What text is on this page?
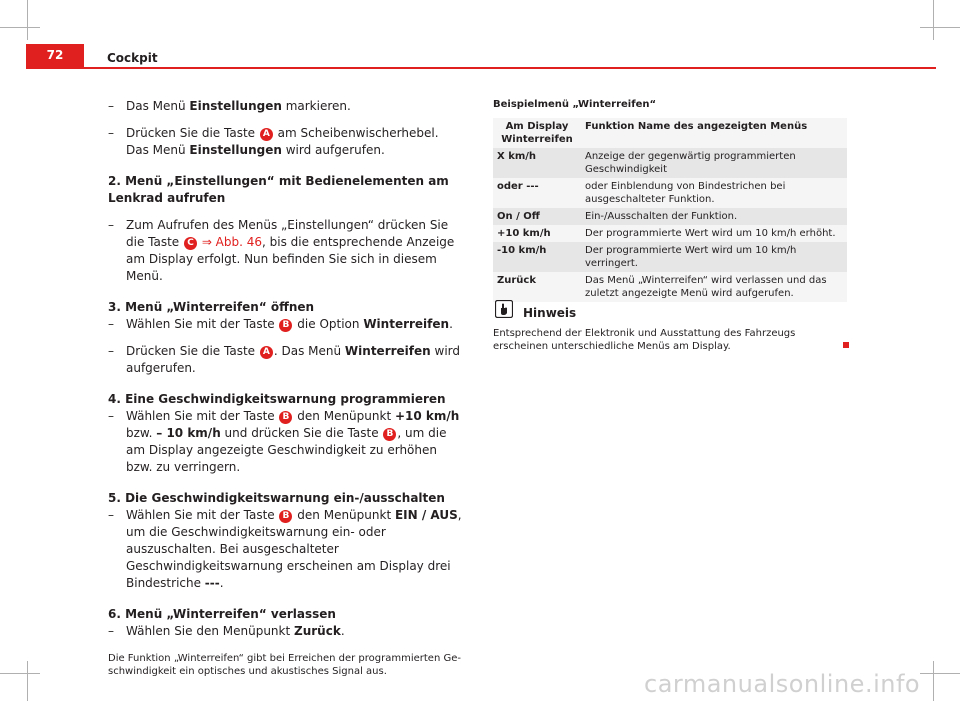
72	Cockpit
– Das Menü Einstellungen markieren.
– Drücken Sie die Taste A am Scheibenwischerhebel. Das Menü Einstellungen wird aufgerufen.
2. Menü „Einstellungen“ mit Bedienelementen am Lenkrad aufrufen
– Zum Aufrufen des Menüs „Einstellungen“ drücken Sie die Taste C ⇒ Abb. 46, bis die entsprechende Anzeige am Display erfolgt. Nun befinden Sie sich in diesem Menü.
3. Menü „Winterreifen“ öffnen
– Wählen Sie mit der Taste B die Option Winterreifen.
– Drücken Sie die Taste A . Das Menü Winterreifen wird aufgerufen.
4. Eine Geschwindigkeitswarnung programmieren
– Wählen Sie mit der Taste B den Menüpunkt +10 km/h bzw. – 10 km/h und drücken Sie die Taste B , um die am Display angezeigte Geschwindigkeit zu erhöhen bzw. zu verringern.
5. Die Geschwindigkeitswarnung ein-/ausschalten
– Wählen Sie mit der Taste B den Menüpunkt EIN / AUS, um die Geschwindigkeitswarnung ein- oder auszuschalten. Bei ausgeschalteter Geschwindigkeitswarnung erscheinen am Display drei Bindestriche ---.
6. Menü „Winterreifen“ verlassen
– Wählen Sie den Menüpunkt Zurück.
Die Funktion „Winterreifen“ gibt bei Erreichen der programmierten Geschwindigkeit ein optisches und akustisches Signal aus.
Beispielmenü „Winterreifen“
Am Display Winterreifen	Funktion Name des angezeigten Menüs
X km/h	Anzeige der gegenwärtig programmierten Geschwindigkeit
oder ---	oder Einblendung von Bindestrichen bei ausgeschalteter Funktion.
On / Off	Ein-/Ausschalten der Funktion.
+10 km/h	Der programmierte Wert wird um 10 km/h erhöht.
-10 km/h	Der programmierte Wert wird um 10 km/h verringert.
Zurück	Das Menü „Winterreifen“ wird verlassen und das zuletzt angezeigte Menü wird aufgerufen.
Hinweis
Entsprechend der Elektronik und Ausstattung des Fahrzeugs erscheinen unterschiedliche Menüs am Display.
carmanualsonline.info
